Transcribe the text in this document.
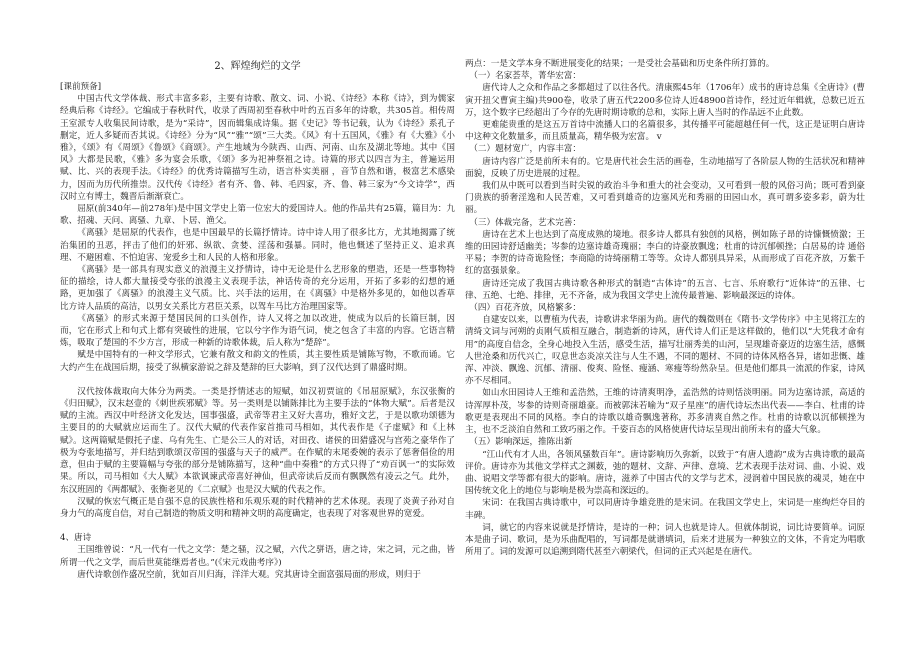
2、辉煌绚烂的文学
[课前预备]

中国古代文学体裁、形式丰富多彩，主要有诗歌、散文、词、小说、《诗经》本称《诗》，到为儒家经典后称《诗经》。它编成于春秋时代，收录了西周初至春秋中叶约五百多年的诗歌，共305首。相传周王室派专人收集民间诗歌，是为“采诗”，因而辑集成诗集。据《史记》等书记载，认为《诗经》系孔子删定，近人多疑而否其说。《诗经》分为“风”“雅”“颂”三大类。《风》有十五国风，《雅》有《大雅》《小雅》，《颂》有《周颂》《鲁颂》《商颂》。产生地域为今陕西、山西、河南、山东及湖北等地。其中《国风》大都是民歌，《雅》多为宴会乐歌，《颂》多为祀神祭祖之诗。诗篇的形式以四言为主，普遍运用赋、比、兴的表现手法。《诗经》的优秀诗篇描写生动，语言朴实美丽 ，音节自然和谐，极富艺术感染力，因而为历代所推崇。汉代传《诗经》者有齐、鲁、韩、毛四家，齐、鲁、韩三家为“今文诗学”，西汉时立有博士，魏晋后渐渐衰亡。

屈原(前340年—前278年)是中国文学史上第一位宏大的爱国诗人。他的作品共有25篇，篇目为：九歌、招魂、天问、离骚、九章、卜居、渔父。

《离骚》是屈原的代表作，也是中国最早的长篇抒情诗。诗中诗人用了很多比方，尤其地揭露了统治集团的丑恶，抨击了他们的奸邪、纵欲、贪婪、淫荡和强暴。同时，他也慨述了坚持正义、追求真理、不避困难、不怕迫害、宠爱乡土和人民的人格和形象。

《离骚》是一部具有现实意义的浪漫主义抒情诗，诗中无论是什么艺形象的塑造，还是一些事物特征的描绘，诗人都大量接受夸张的浪漫主义表现手法，神话传奇的充分运用，开拓了多彩的幻想的通路，更加强了《离骚》的浪漫主义气质。比、兴手法的运用，在《离骚》中是格外多见的，如他以香草比方诗人品质的高洁，以男女关系比方君臣关系，以驾车马比方治理国家等。

《离骚》的形式来源于楚国民间的口头创作，诗人又将之加以改进，使成为以后的长篇巨制，因而，它在形式上和句式上都有突破性的进展，它以兮字作为语气词，使之包含了丰富的内容。它语言精炼，吸取了楚国的不少方言，形成一种新的诗歌体裁，后人称为“楚辞”。

赋是中国特有的一种文学形式，它兼有散文和韵文的性质，其主要性质是铺陈写物，不歌而诵。它大约产生在战国后期，接受了纵横家游说之辞及楚辞的巨大影响，到了汉代达到了鼎盛时期。

汉代按体裁取向大体分为两类。一类是抒情述志的短赋，如汉初贾谊的《吊屈原赋》，东汉张衡的《归田赋》，汉末赵壹的《刺世疾邪赋》等。另一类则是以铺陈排比为主要手法的“体物大赋”。后者是汉赋的主流。西汉中叶经济文化发达，国事强盛，武帝等君主又好大喜功，雅好文艺，于是以歌功颂德为主要目的的大赋就应运而生了。汉代大赋的代表作家首推司马相如，其代表作是《子虚赋》和《上林赋》。这两篇赋是假托子虚、乌有先生、亡是公三人的对话，对田孜、诸侯的田猎盛况与宫苑之豪华作了极为夸张地描写，并归结到歌颂汉帝国的强盛与天子的威严。在作赋的末尾委婉的表示了惩奢倡俭的用意，但由于赋的主要篇幅与夸张的部分是铺陈描写，这种“曲中奏雅”的方式只得了“劝百讽一”的实际效果。所以，司马相如《大人赋》本欲讽谏武帝喜好神仙，但武帝读后反而有飘飘然有凌云之气。此外，东汉班固的《两都赋》、张衡老见的《二京赋》也是汉大赋的代表之作。

汉赋的恢宏气概正是自强不息的民族性格和乐观乐观的时代精神的艺术体现。表现了炎黄子孙对自身力气的高度自信，对自己制造的物质文明和精神文明的高度确定，也表现了对客观世界的宽爱。

4、唐诗

王国维曾说：“凡一代有一代之文学：楚之骚，汉之赋，六代之骈语，唐之诗，宋之词，元之曲，皆所谓一代之文学，而后世莫能继焉者也。”(《宋元戏曲考序》)

唐代诗歌创作盛况空前，犹如百川归海，洋洋大观。究其唐诗全面富强局面的形成，则归于

两点：一是文学本身不断进展变化的结果；一是受社会基础和历史条件所打算的。
（一）名家荟萃，菁华宏富：

唐代诗人之众和作品之多都超过了以往各代。清康熙45年（1706年）成书的唐诗总集《全唐诗》(曹寅开扭父曹寅主编)共900卷，收录了唐五代2200多位诗人近48900首诗作，经过近年辑就，总数已近五万，这个数字已经超出了今存的先唐时期诗歌的总和，实际上唐人当时的作品远不止此数。

更难能贵重的是这五万首诗中流播人口的名篇很多，其传播平可能超越任何一代，这正是证明白唐诗中这种文化数量多，而且质量高，精华极为宏富。 v

（二）题材宽广，内容丰富：

唐诗内容广泛是前所未有的。它是唐代社会生活的画卷，生动地描写了各阶层人物的生活状况和精神面貌，反映了历史进展的过程。

我们从中既可以看到当时尖锐的政治斗争和重大的社会变动，又可看到一般的风俗习尚；既可看到豪门贵族的骄奢淫逸和人民苦难，又可看到雄奇的边塞风光和秀丽的田园山水，真可谓多姿多彩，蔚为壮丽。

（三）体裁完备，艺术完善：

唐诗在艺术上也达到了高度成熟的境地。很多诗人都具有独创的风格，例如陈子昂的诗慷慨愤激；王维的田园诗舒适幽美；岑参的边塞诗雄奇瑰丽；李白的诗豪放飘逸；杜甫的诗沉郁顿挫；白居易的诗 通俗平易；李贺的诗奇诡险怪；李商隐的诗绮丽精工等等。众诗人都别具异采，从而形成了百花齐放，万紫千红的富强景象。

唐诗还完成了我国古典诗歌各种形式的制造“古体诗”的五言、七言、乐府歌行“近体诗”的五律、七律、五绝、七绝、排律，无不齐备，成为我国文学史上流传最普遍、影响最深远的诗体。

（四）百花齐放，风格繁多：

自建安以来，以曹植为代表，诗歌讲求华丽为尚。唐代的魏徵则在《隋书·文学传序》中主见将江左的清绮文词与河朔的贞刚气质相互融合，制造新的诗风，唐代诗人们正是这样做的，他们以“大凭我才命有用”的高度自信念，全身心地投入生活，感受生活，描写壮丽秀美的山河，呈现雄奇豪迈的边塞生活，感慨人世沧桑和历代兴亡，叹息世态炎凉关注与人生不遇，不同的题材、不同的诗体风格各异，诸如悲慨、雄浑、冲淡、飘逸、沉郁、清丽、俊爽、险怪、瘦涵、寒瘦等纷然杂呈。但是他们都具一流派的作家，诗风亦不尽相同。

如山水田园诗人王维和孟浩然，王维的诗清爽明净，孟浩然的诗则恬淡明丽。同为边塞诗派，高适的诗浑厚朴茂，岑参的诗则奇丽雄豪。而被郭沫若喻为“双子星座”的唐代诗坛杰出代表——李白、杜甫的诗歌更是表现出不同的风格。李白的诗歌以雄奇飘逸著称，苏多清爽自然之作。杜甫的诗歌以沉郁顿挫为主，也不乏淡泊自然和工致巧丽之作。千姿百态的风格使唐代诗坛呈现出前所未有的盛大气象。

（五）影响深远，推陈出新

“江山代有才人出，各领风骚数百年”。唐诗影响历久弥新，以致于“有唐人遗韵”成为古典诗歌的最高评价。唐诗亦为其他文学样式之渊薮，弛的题材、文辞、声律、意境、艺术表现手法对词、曲、小说、戏曲、说唱文学等都有很大的影响。唐诗，滋养了中国古代的文学与艺术，浸润着中国民族的魂灵，她在中国传统文化上的地位与影响是极为崇高和深远的。

宋词：在我国古典诗歌中，可以同唐诗争雄竞胜的是宋词。在我国文学史上，宋词是一座绚烂夺目的丰碑。

词，就它的内容来说就是抒情诗，是诗的一种；词人也就是诗人。但就体制说，词比诗要简单。词原本是曲子词、歌词，是为乐曲配唱的，写词都是就谱填词，后来才进展为一种独立的文体，不肯定为唱歌所用了。词的发源可以追溯到隋代甚至六朝梁代，但词的正式兴起是在唐代。
